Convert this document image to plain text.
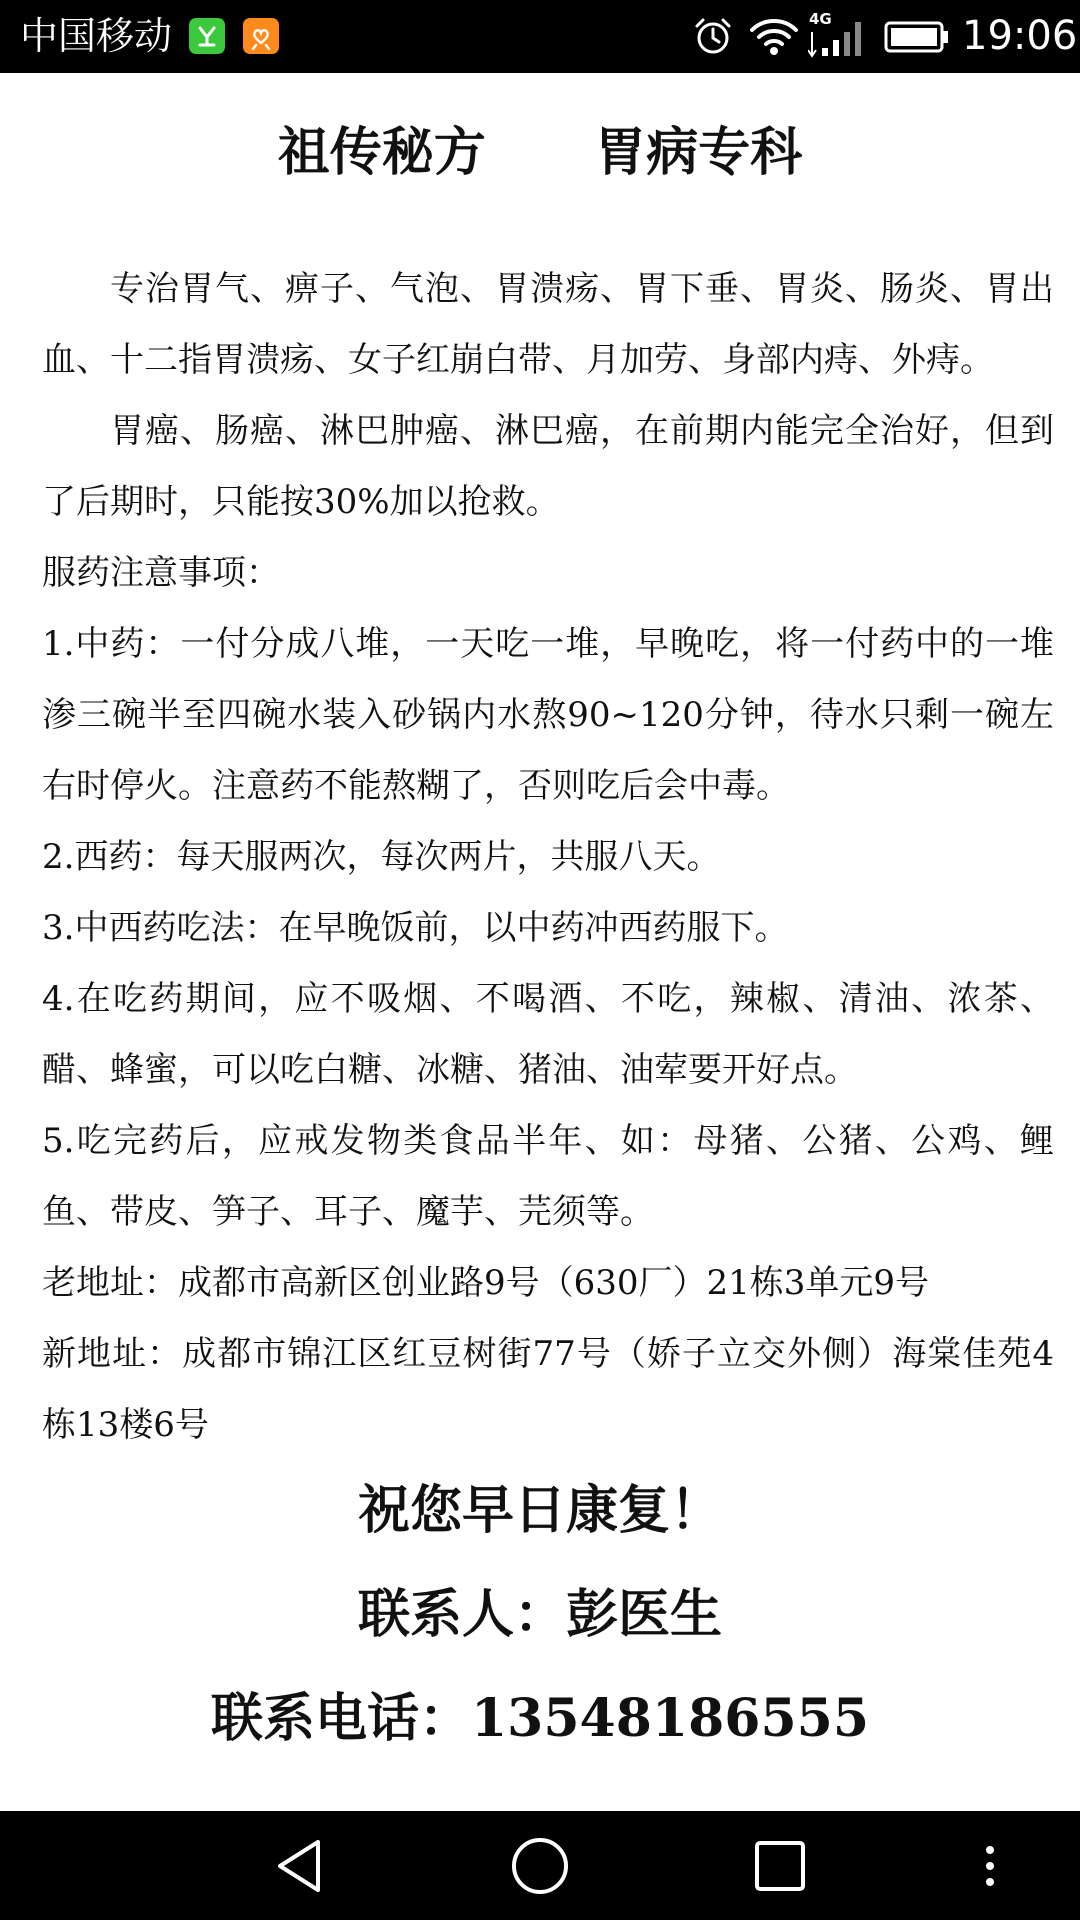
中国移动	4G	19:06
祖传秘方      胃病专科

专治胃气、痹子、气泡、胃溃疡、胃下垂、胃炎、肠炎、胃出血、十二指胃溃疡、女子红崩白带、月加劳、身部内痔、外痔。

胃癌、肠癌、淋巴肿癌、淋巴癌，在前期内能完全治好，但到了后期时，只能按30%加以抢救。

服药注意事项：

1.中药：一付分成八堆，一天吃一堆，早晚吃，将一付药中的一堆渗三碗半至四碗水装入砂锅内水熬90~120分钟，待水只剩一碗左右时停火。注意药不能熬糊了，否则吃后会中毒。

2.西药：每天服两次，每次两片，共服八天。

3.中西药吃法：在早晚饭前，以中药冲西药服下。

4.在吃药期间，应不吸烟、不喝酒、不吃，辣椒、清油、浓茶、醋、蜂蜜，可以吃白糖、冰糖、猪油、油荤要开好点。

5.吃完药后，应戒发物类食品半年、如：母猪、公猪、公鸡、鲤鱼、带皮、笋子、耳子、魔芋、芫须等。

老地址：成都市高新区创业路9号（630厂）21栋3单元9号

新地址：成都市锦江区红豆树街77号（娇子立交外侧）海棠佳苑4栋13楼6号

祝您早日康复！

联系人：彭医生

联系电话：13548186555
